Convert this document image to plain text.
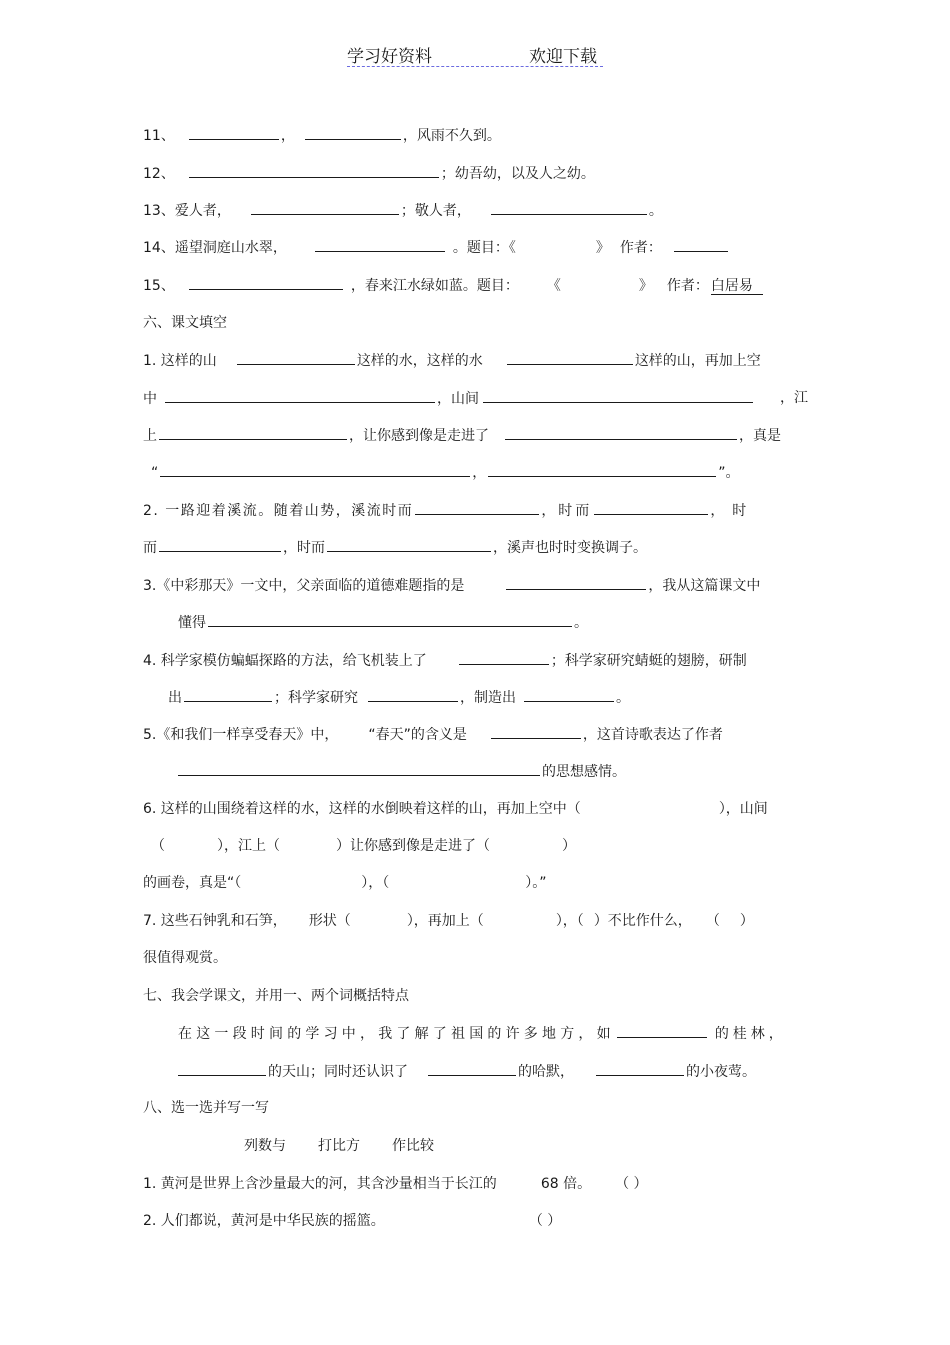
学习好资料	欢迎下载
11、	，	，风雨不久到。
12、	；幼吾幼，以及人之幼。
13、爱人者，	；敬人者，	。
14、遥望洞庭山水翠，	。题目：《	》 作者：
15、	，春来江水绿如蓝。题目： 《	》 作者： 白居易
六、课文填空
1. 这样的山	这样的水，这样的水	这样的山，再加上空
中	，山间	，江
上	，让你感到像是走进了	，真是
“	，	”。
2. 一路迎着溪流。随着山势，溪流时而	，时而	，时
而	，时而	，溪声也时时变换调子。
3.《中彩那天》一文中，父亲面临的道德难题指的是	，我从这篇课文中
懂得	。
4. 科学家模仿蝙蝠探路的方法，给飞机装上了	；科学家研究蜻蜓的翅膀，研制
出	；科学家研究	，制造出	。
5.《和我们一样享受春天》中， “春天”的含义是	，这首诗歌表达了作者
的思想感情。
6. 这样的山围绕着这样的水，这样的水倒映着这样的山，再加上空中（	），山间
（	），江上（	）让你感到像是走进了（	）
的画卷，真是“（	），（	）。”
7. 这些石钟乳和石笋， 形状（	），再加上（	），（ ）不比作什么， （ ）
很值得观赏。
七、我会学课文，并用一、两个词概括特点
在这一段时间的学习中，我了解了祖国的许多地方，如	的桂林，
的天山；同时还认识了	的哈默，	的小夜莺。
八、选一选并写一写
列数与 打比方 作比较
1. 黄河是世界上含沙量最大的河，其含沙量相当于长江的	68 倍。 （ ）
2. 人们都说，黄河是中华民族的摇篮。	（ ）
